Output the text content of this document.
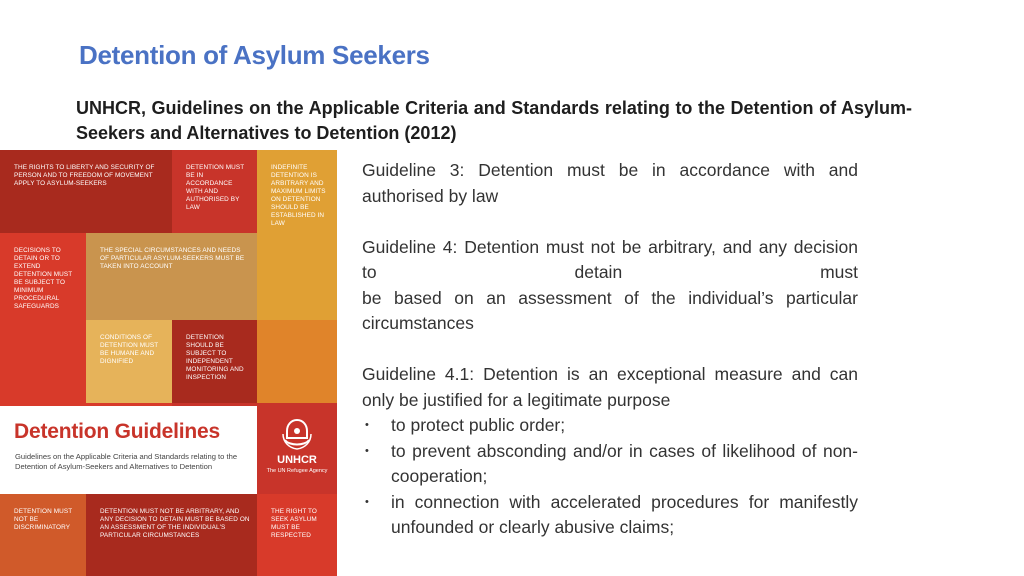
Detention of Asylum Seekers
UNHCR, Guidelines on the Applicable Criteria and Standards relating to the Detention of Asylum-Seekers and Alternatives to Detention (2012)
THE RIGHTS TO LIBERTY AND SECURITY OF PERSON AND TO FREEDOM OF MOVEMENT APPLY TO ASYLUM-SEEKERS
DETENTION MUST BE IN ACCORDANCE WITH AND AUTHORISED BY LAW
INDEFINITE DETENTION IS ARBITRARY AND MAXIMUM LIMITS ON DETENTION SHOULD BE ESTABLISHED IN LAW
DECISIONS TO DETAIN OR TO EXTEND DETENTION MUST BE SUBJECT TO MINIMUM PROCEDURAL SAFEGUARDS
THE SPECIAL CIRCUMSTANCES AND NEEDS OF PARTICULAR ASYLUM-SEEKERS MUST BE TAKEN INTO ACCOUNT
CONDITIONS OF DETENTION MUST BE HUMANE AND DIGNIFIED
DETENTION SHOULD BE SUBJECT TO INDEPENDENT MONITORING AND INSPECTION
Detention Guidelines
Guidelines on the Applicable Criteria and Standards relating to the Detention of Asylum-Seekers and Alternatives to Detention
UNHCR
The UN Refugee Agency
DETENTION MUST NOT BE DISCRIMINATORY
DETENTION MUST NOT BE ARBITRARY, AND ANY DECISION TO DETAIN MUST BE BASED ON AN ASSESSMENT OF THE INDIVIDUAL'S PARTICULAR CIRCUMSTANCES
THE RIGHT TO SEEK ASYLUM MUST BE RESPECTED

Guideline 3: Detention must be in accordance with and authorised by law

Guideline 4: Detention must not be arbitrary, and any decision to detain must
be based on an assessment of the individual’s particular circumstances

Guideline 4.1: Detention is an exceptional measure and can only be justified for a legitimate purpose

• to protect public order;
• to prevent absconding and/or in cases of likelihood of non-cooperation;
• in connection with accelerated procedures for manifestly unfounded or clearly abusive claims;
